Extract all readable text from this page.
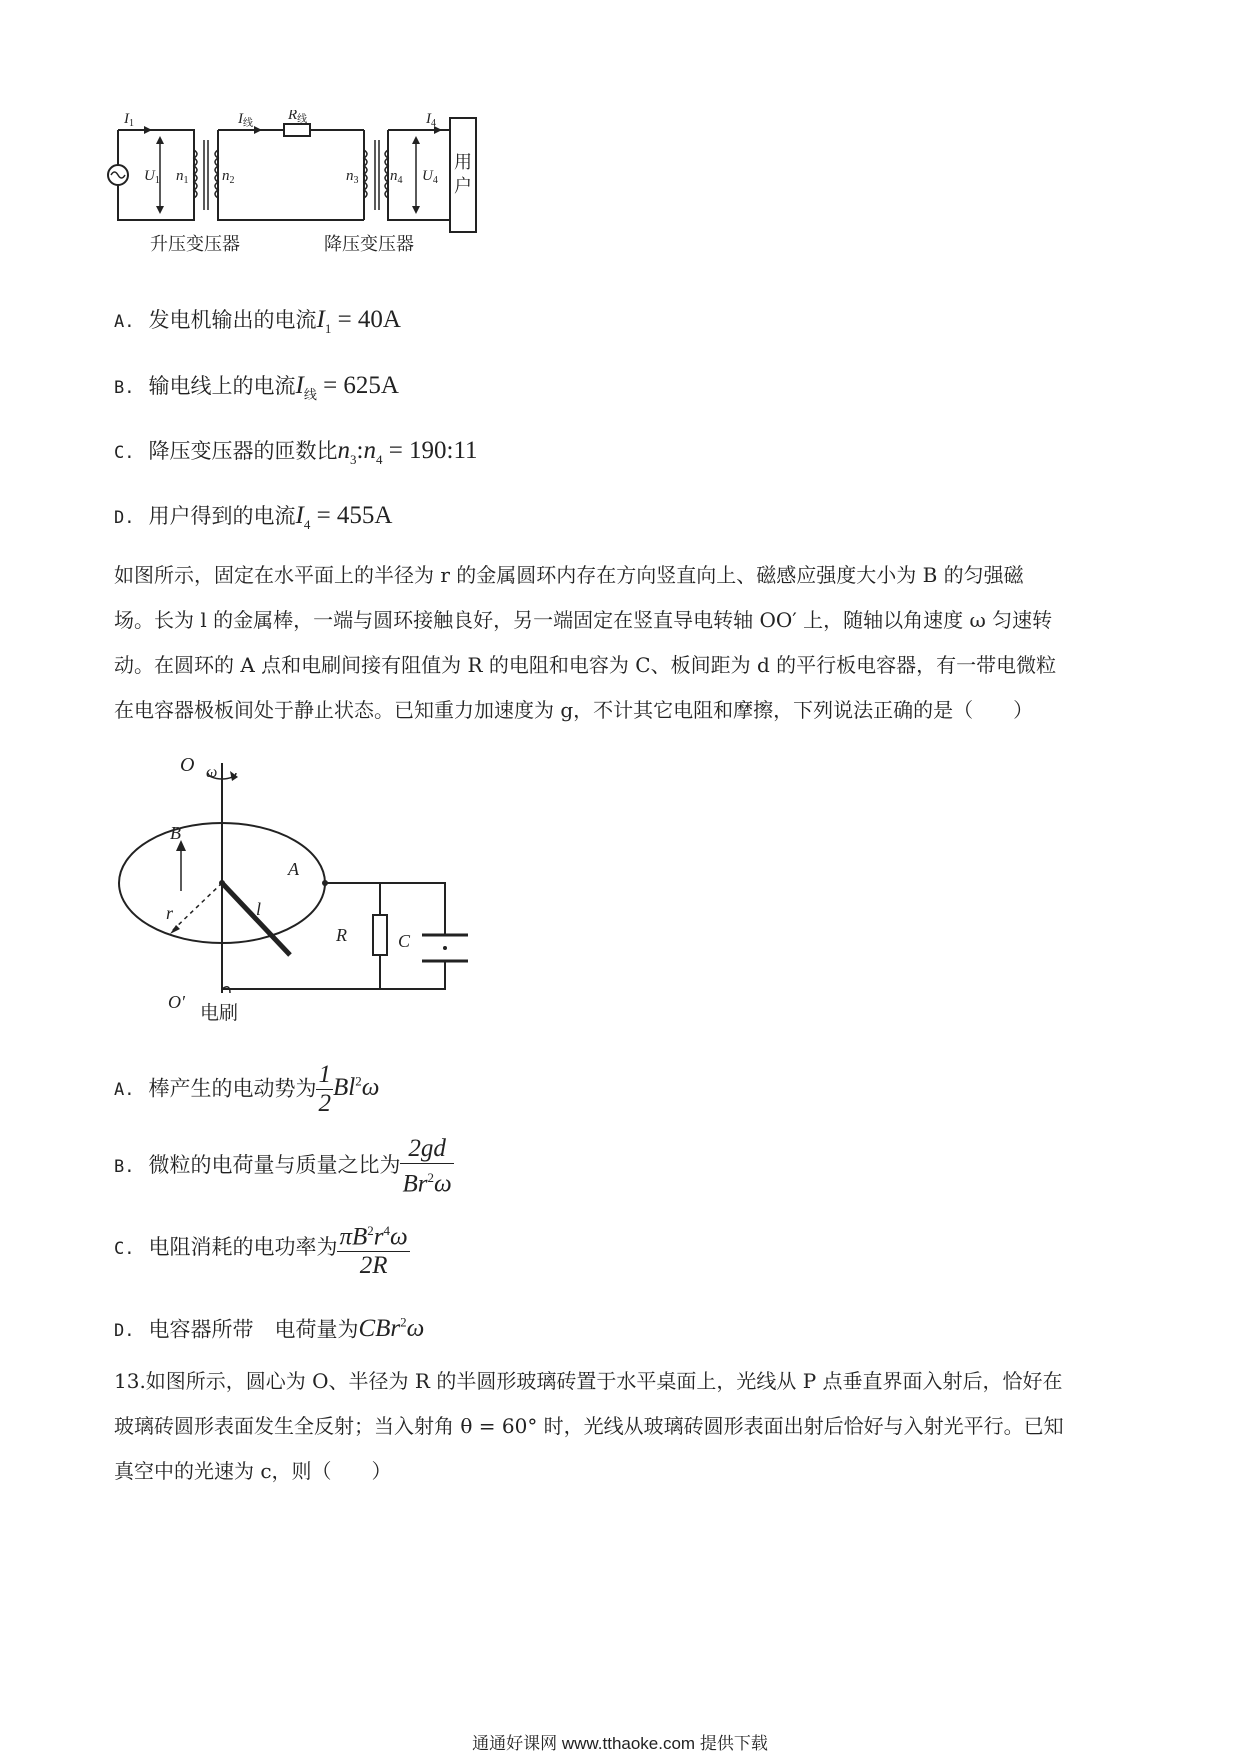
$I_1$	$I_线$
$R_线$	$I_4$
$U_1$ $n_1$ $n_2$	$n_3$ $n_4$ $U_4$
用
户
升压变压器	降压变压器
A. 发电机输出的电流$I_1 = 40A$
B. 输电线上的电流$I_线 = 625A$
C. 降压变压器的匝数比$n_3:n_4$ = 190:11
D. 用户得到的电流$I_4 = 455A$

如图所示，固定在水平面上的半径为 r 的金属圆环内存在方向竖直向上、磁感应强度大小为 B 的匀强磁

场。长为 l 的金属棒，一端与圆环接触良好，另一端固定在竖直导电转轴 OO′ 上，随轴以角速度 ω 匀速转

动。在圆环的 A 点和电刷间接有阻值为 R 的电阻和电容为 C、板间距为 d 的平行板电容器，有一带电微粒

在电容器极板间处于静止状态。已知重力加速度为 g，不计其它电阻和摩擦，下列说法正确的是（　　）

O ω
B
A
r	l
R	C
O′
电刷
A. 棒产生的电动势为 $\frac{1}{2} Bl^2\omega$
B. 微粒的电荷量与质量之比为 $\frac{2gd}{Br^2\omega}$
C. 电阻消耗的电功率为 $\frac{\pi B^2r^4\omega}{2R}$
D. 电容器所带　电荷量为CBr$^2$ω

13.如图所示，圆心为 O、半径为 R 的半圆形玻璃砖置于水平桌面上，光线从 P 点垂直界面入射后，恰好在

玻璃砖圆形表面发生全反射；当入射角 θ = 60° 时，光线从玻璃砖圆形表面出射后恰好与入射光平行。已知

真空中的光速为 c，则（　　）

通通好课网 www.tthaoke.com 提供下载
